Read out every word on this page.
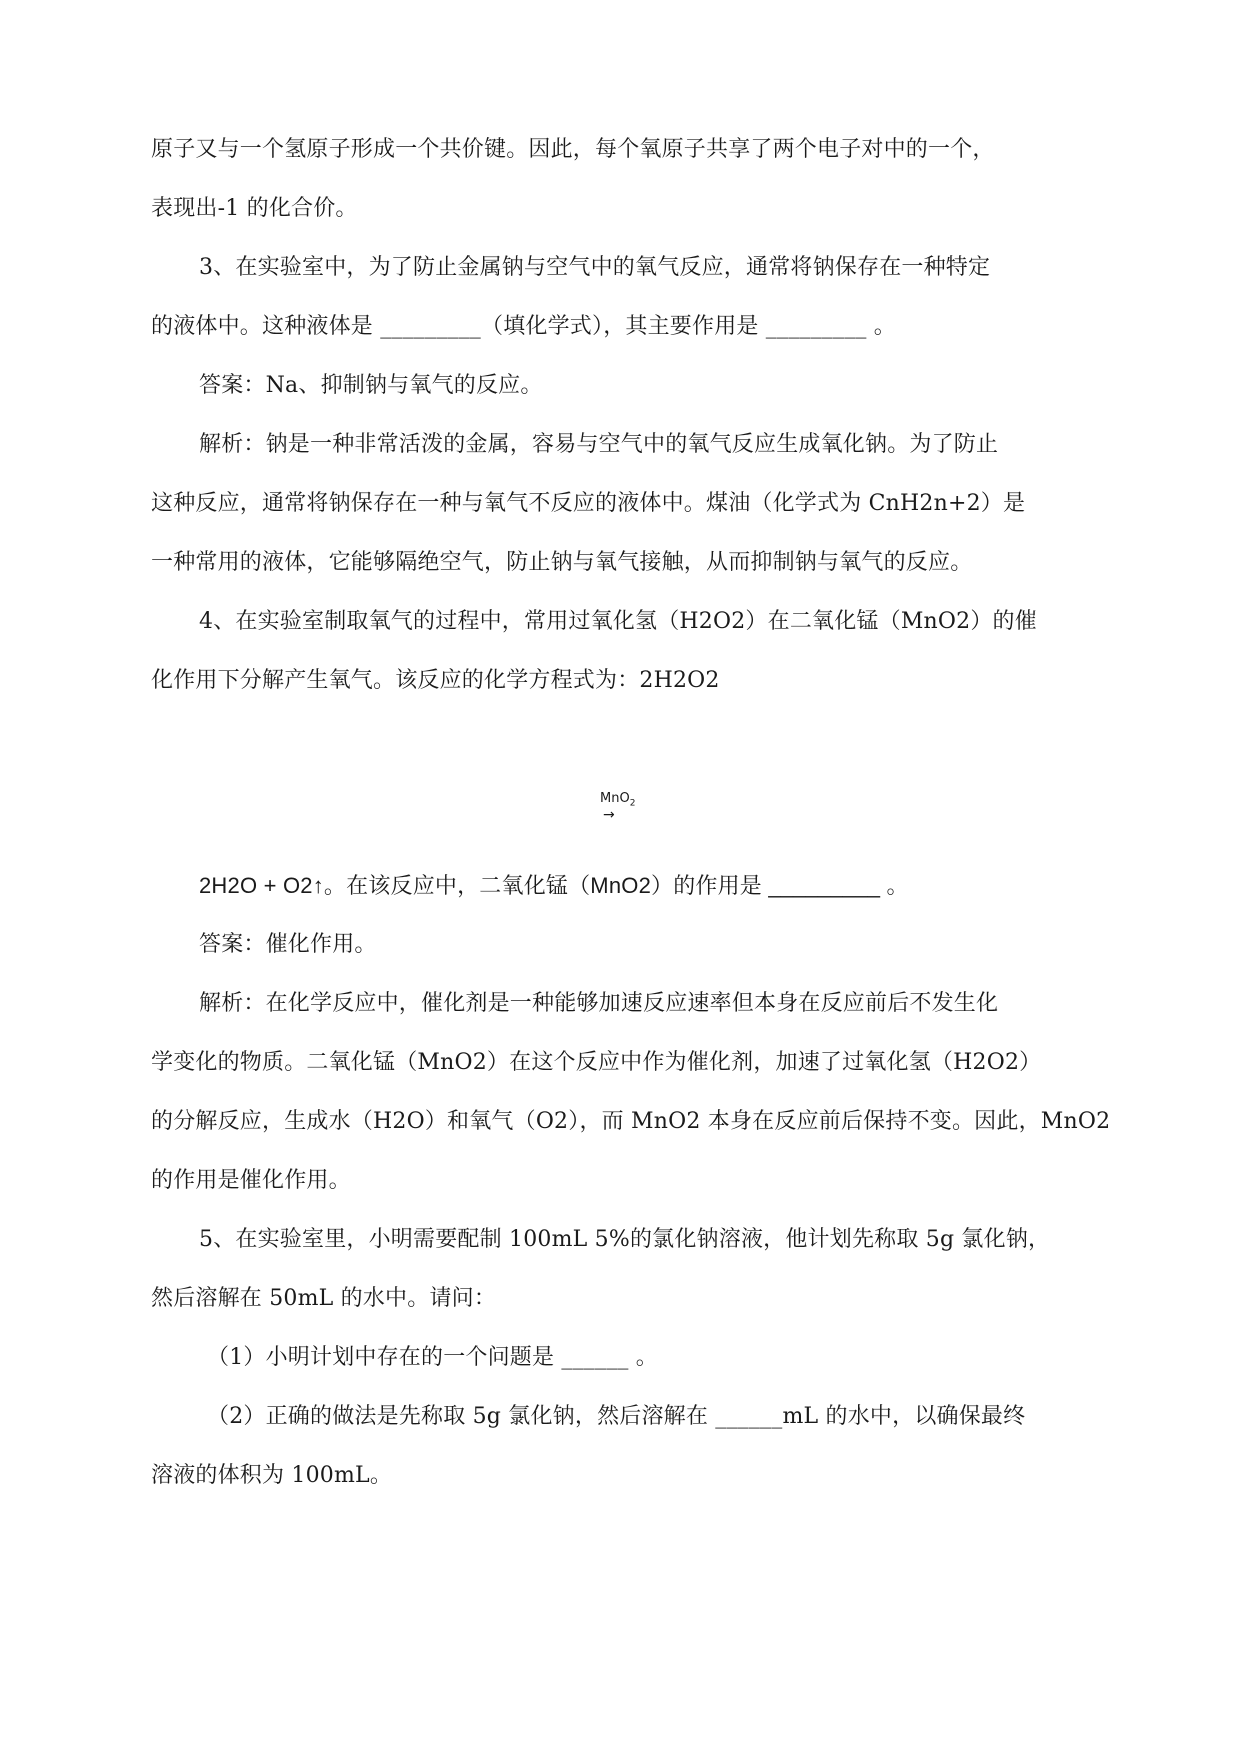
原子又与一个氢原子形成一个共价键。因此，每个氧原子共享了两个电子对中的一个，
表现出-1 的化合价。
3、在实验室中，为了防止金属钠与空气中的氧气反应，通常将钠保存在一种特定
的液体中。这种液体是 _________（填化学式），其主要作用是 _________ 。
答案：Na、抑制钠与氧气的反应。
解析：钠是一种非常活泼的金属，容易与空气中的氧气反应生成氧化钠。为了防止
这种反应，通常将钠保存在一种与氧气不反应的液体中。煤油（化学式为 CnH2n+2）是
一种常用的液体，它能够隔绝空气，防止钠与氧气接触，从而抑制钠与氧气的反应。
4、在实验室制取氧气的过程中，常用过氧化氢（H2O2）在二氧化锰（MnO2）的催
化作用下分解产生氧气。该反应的化学方程式为：2H2O2
MnO$_2$
→
2H2O + O2↑。在该反应中，二氧化锰（MnO2）的作用是 _________ 。
答案：催化作用。
解析：在化学反应中，催化剂是一种能够加速反应速率但本身在反应前后不发生化
学变化的物质。二氧化锰（MnO2）在这个反应中作为催化剂，加速了过氧化氢（H2O2）
的分解反应，生成水（H2O）和氧气（O2），而 MnO2 本身在反应前后保持不变。因此，MnO2
的作用是催化作用。
5、在实验室里，小明需要配制 100mL 5%的氯化钠溶液，他计划先称取 5g 氯化钠，
然后溶解在 50mL 的水中。请问：
（1）小明计划中存在的一个问题是 ______ 。
（2）正确的做法是先称取 5g 氯化钠，然后溶解在 ______mL 的水中，以确保最终
溶液的体积为 100mL。
